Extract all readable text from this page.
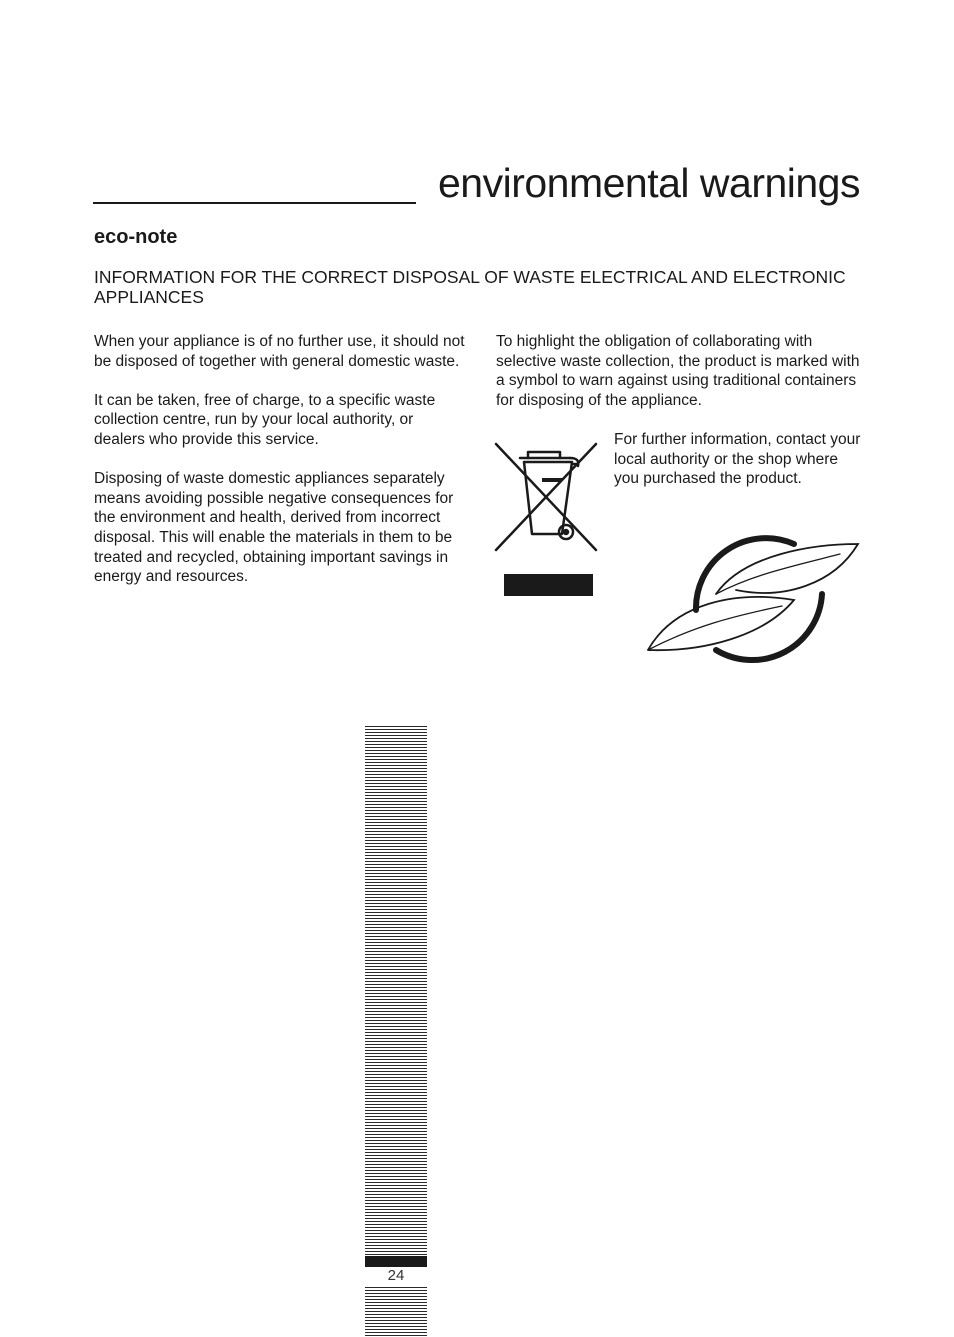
environmental warnings
eco-note
INFORMATION FOR THE CORRECT DISPOSAL OF WASTE ELECTRICAL AND ELECTRONIC APPLIANCES

When your appliance is of no further use, it should not be disposed of together with general domestic waste.

It can be taken, free of charge, to a specific waste collection centre, run by your local authority, or dealers who provide this service.

Disposing of waste domestic appliances separately means avoiding possible negative consequences for the environment and health, derived from incorrect disposal. This will enable the materials in them to be treated and recycled, obtaining important savings in energy and resources.

To highlight the obligation of collaborating with selective waste collection, the product is marked with a symbol to warn against using traditional containers for disposing of the appliance.

For further information, contact your local authority or the shop where you purchased the product.
24
